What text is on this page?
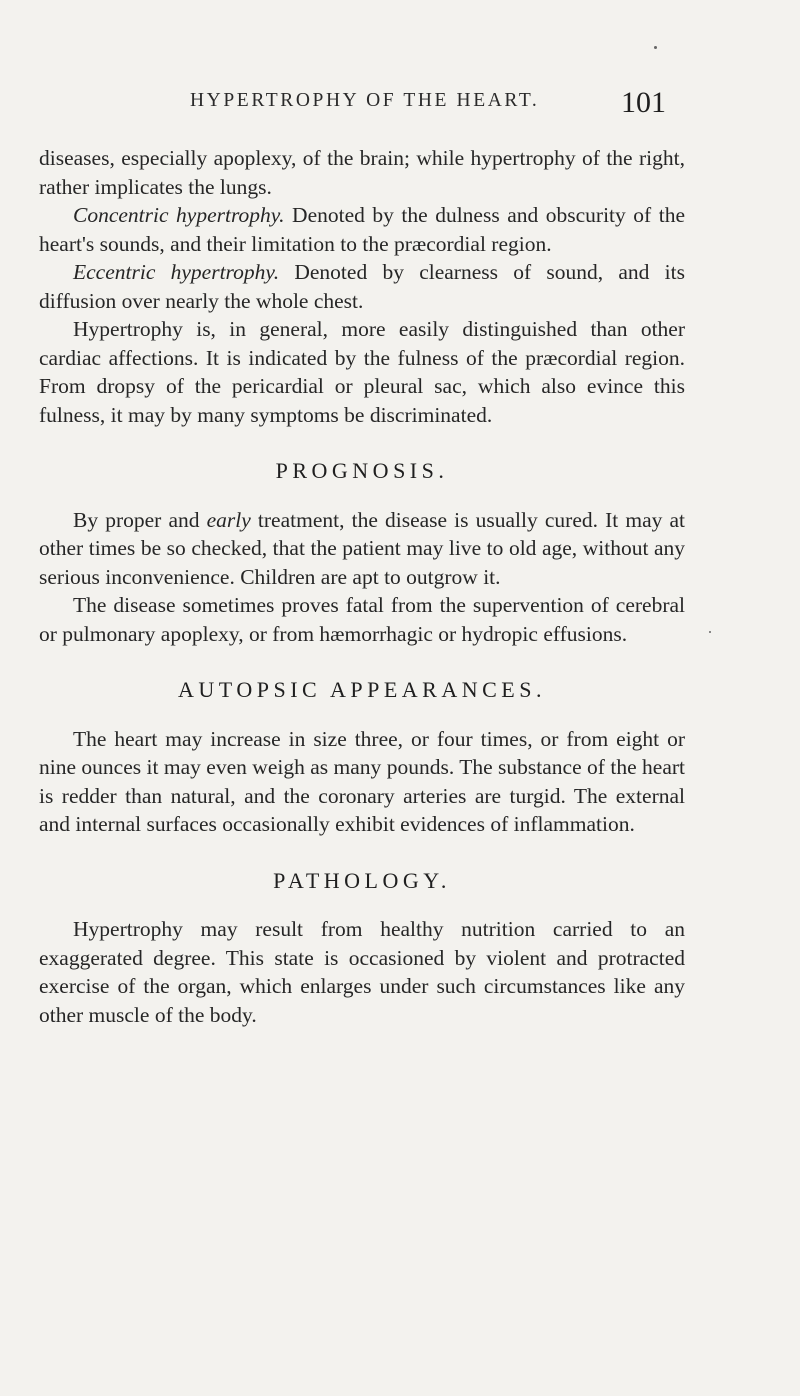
HYPERTROPHY OF THE HEART.	101

diseases, especially apoplexy, of the brain; while hypertrophy of the right, rather implicates the lungs.

Concentric hypertrophy. Denoted by the dulness and obscurity of the heart's sounds, and their limitation to the præcordial region.

Eccentric hypertrophy. Denoted by clearness of sound, and its diffusion over nearly the whole chest.

Hypertrophy is, in general, more easily distinguished than other cardiac affections. It is indicated by the fulness of the præcordial region. From dropsy of the pericardial or pleural sac, which also evince this fulness, it may by many symptoms be discriminated.

PROGNOSIS.

By proper and early treatment, the disease is usually cured. It may at other times be so checked, that the patient may live to old age, without any serious inconvenience. Children are apt to outgrow it.

The disease sometimes proves fatal from the supervention of cerebral or pulmonary apoplexy, or from hæmorrhagic or hydropic effusions.

AUTOPSIC APPEARANCES.

The heart may increase in size three, or four times, or from eight or nine ounces it may even weigh as many pounds. The substance of the heart is redder than natural, and the coronary arteries are turgid. The external and internal surfaces occasionally exhibit evidences of inflammation.

PATHOLOGY.

Hypertrophy may result from healthy nutrition carried to an exaggerated degree. This state is occasioned by violent and protracted exercise of the organ, which enlarges under such circumstances like any other muscle of the body.
